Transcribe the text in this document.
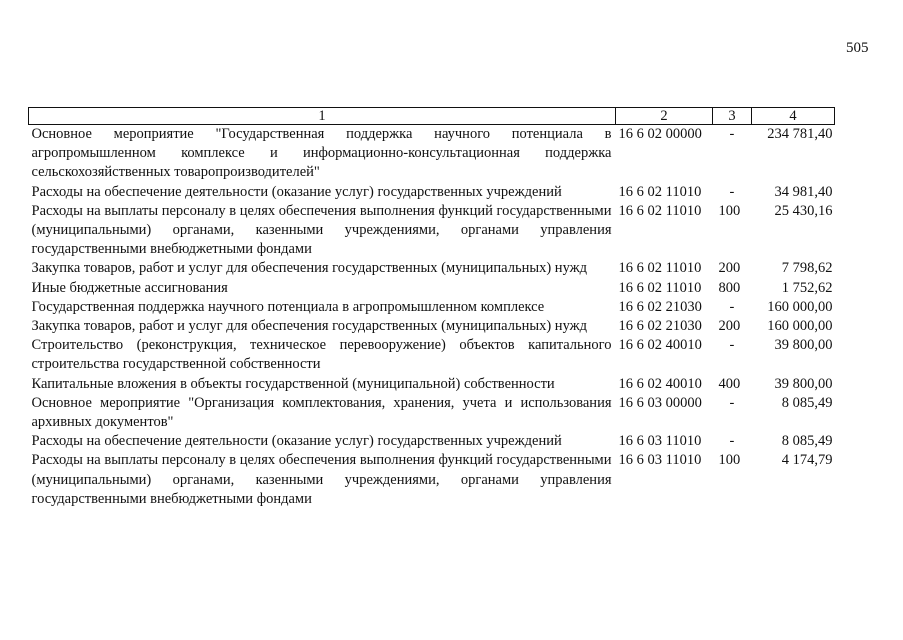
505
1	2	3	4
Основное мероприятие "Государственная поддержка научного потенциала в агропромышленном комплексе и информационно-консультационная поддержка сельскохозяйственных товаропроизводителей"	16 6 02 00000	-	234 781,40
Расходы на обеспечение деятельности (оказание услуг) государственных учреждений	16 6 02 11010	-	34 981,40
Расходы на выплаты персоналу в целях обеспечения выполнения функций государственными (муниципальными) органами, казенными учреждениями, органами управления государственными внебюджетными фондами	16 6 02 11010	100	25 430,16
Закупка товаров, работ и услуг для обеспечения государственных (муниципальных) нужд	16 6 02 11010	200	7 798,62
Иные бюджетные ассигнования	16 6 02 11010	800	1 752,62
Государственная поддержка научного потенциала в агропромышленном комплексе	16 6 02 21030	-	160 000,00
Закупка товаров, работ и услуг для обеспечения государственных (муниципальных) нужд	16 6 02 21030	200	160 000,00
Строительство (реконструкция, техническое перевооружение) объектов капитального строительства государственной собственности	16 6 02 40010	-	39 800,00
Капитальные вложения в объекты государственной (муниципальной) собственности	16 6 02 40010	400	39 800,00
Основное мероприятие "Организация комплектования, хранения, учета и использования архивных документов"	16 6 03 00000	-	8 085,49
Расходы на обеспечение деятельности (оказание услуг) государственных учреждений	16 6 03 11010	-	8 085,49
Расходы на выплаты персоналу в целях обеспечения выполнения функций государственными (муниципальными) органами, казенными учреждениями, органами управления государственными внебюджетными фондами	16 6 03 11010	100	4 174,79
